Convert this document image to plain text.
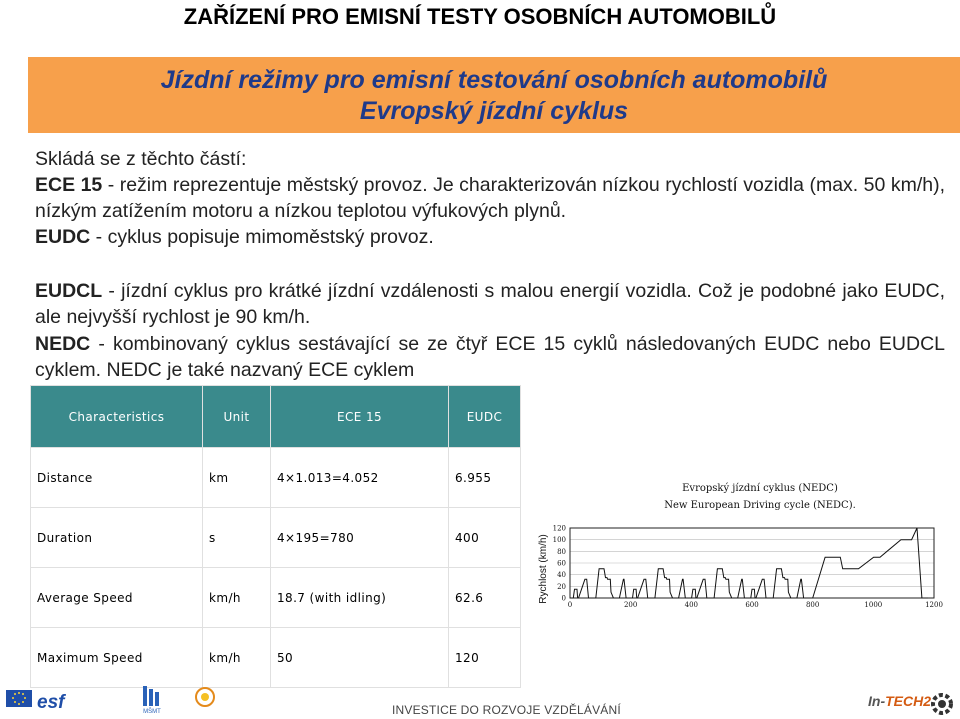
ZAŘÍZENÍ PRO EMISNÍ TESTY OSOBNÍCH AUTOMOBILŮ
Jízdní režimy pro emisní testování osobních automobilů
Evropský jízdní cyklus
Skládá se z těchto částí:
ECE 15 - režim reprezentuje městský provoz. Je charakterizován nízkou rychlostí vozidla (max. 50 km/h), nízkým zatížením motoru a nízkou teplotou výfukových plynů.
EUDC - cyklus popisuje mimoměstský provoz.
EUDCL - jízdní cyklus pro krátké jízdní vzdálenosti s malou energií vozidla. Což je podobné jako EUDC, ale nejvyšší rychlost je 90 km/h.
NEDC - kombinovaný cyklus sestávající se ze čtyř ECE 15 cyklů následovaných EUDC nebo EUDCL cyklem. NEDC je také nazvaný ECE cyklem
Characteristics	Unit	ECE 15	EUDC
Distance	km	4×1.013=4.052	6.955
Duration	s	4×195=780	400
Average Speed	km/h	18.7 (with idling)	62.6
Maximum Speed	km/h	50	120
Evropský jízdní cyklus (NEDC)
New European Driving cycle (NEDC).
Rychlost (km/h) 0
20
40
60
80
100
120
0	200	400	600	800	1000	1200
esf
	MŠMT
	INVESTICE DO ROZVOJE VZDĚLÁVÁNÍ
In-TECH2
